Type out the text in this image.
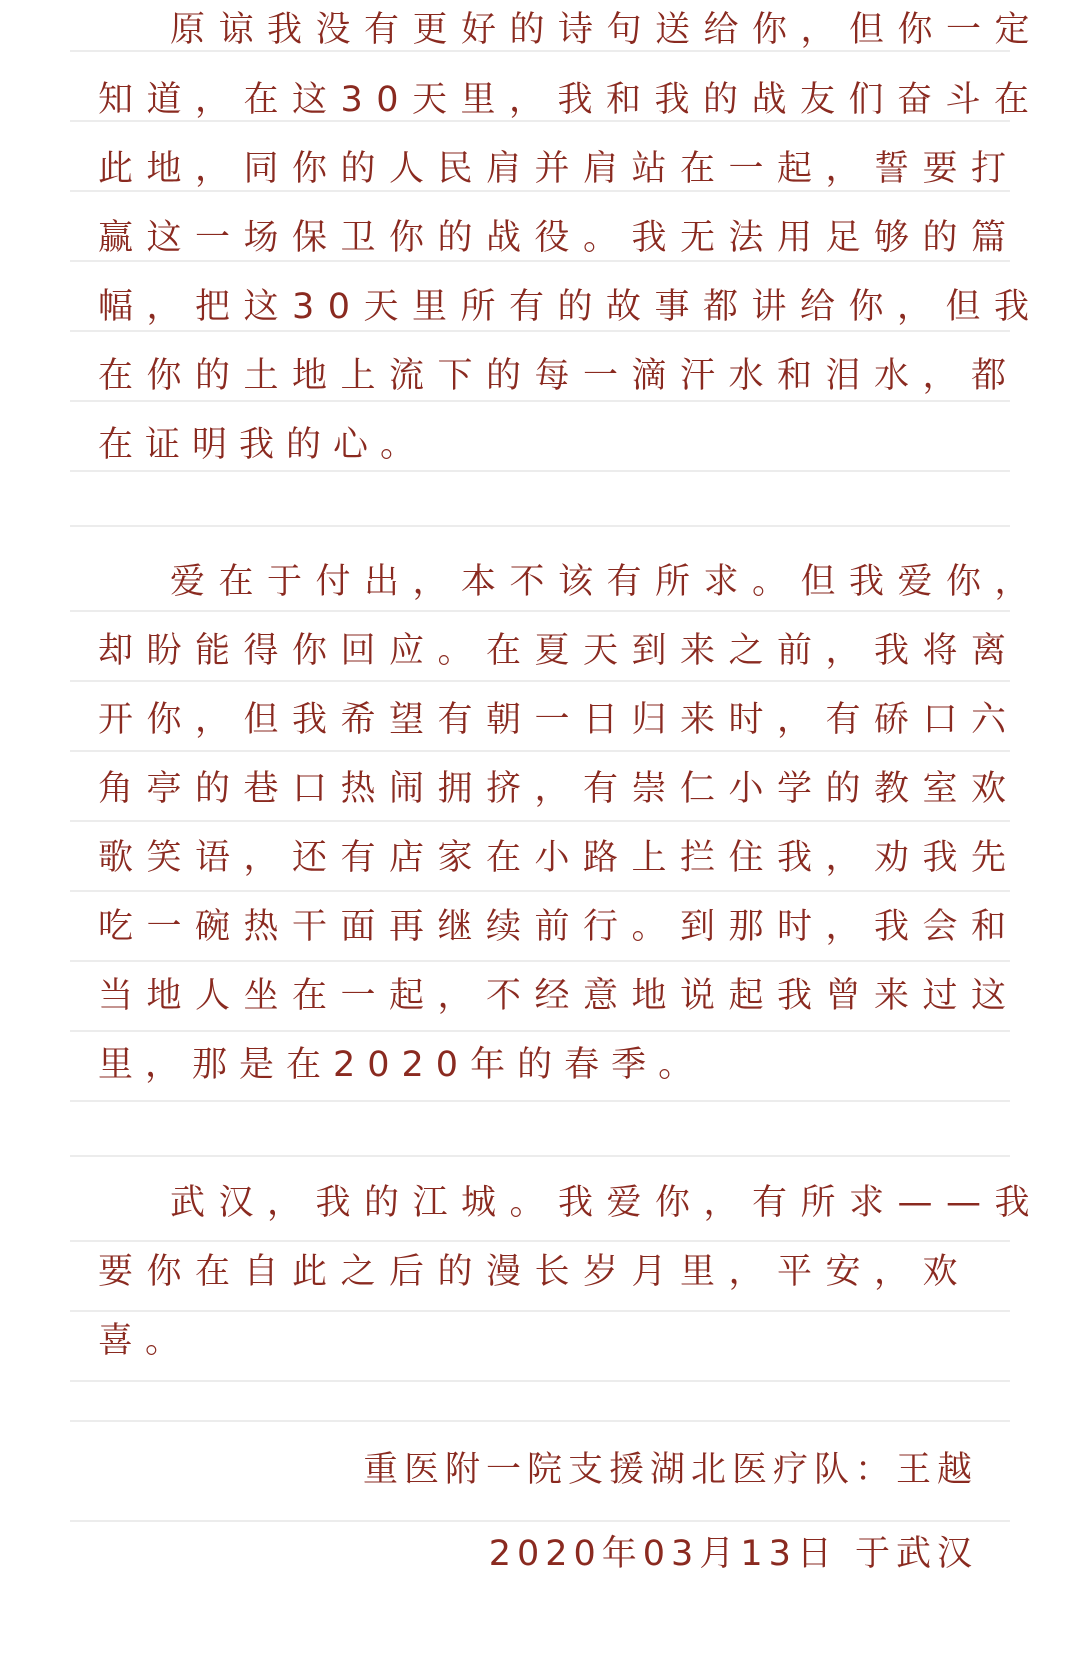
原谅我没有更好的诗句送给你，但你一定
知道，在这30天里，我和我的战友们奋斗在
此地，同你的人民肩并肩站在一起，誓要打
赢这一场保卫你的战役。我无法用足够的篇
幅，把这30天里所有的故事都讲给你，但我
在你的土地上流下的每一滴汗水和泪水，都
在证明我的心。
爱在于付出，本不该有所求。但我爱你，
却盼能得你回应。在夏天到来之前，我将离
开你，但我希望有朝一日归来时，有硚口六
角亭的巷口热闹拥挤，有崇仁小学的教室欢
歌笑语，还有店家在小路上拦住我，劝我先
吃一碗热干面再继续前行。到那时，我会和
当地人坐在一起，不经意地说起我曾来过这
里，那是在2020年的春季。
武汉，我的江城。我爱你，有所求——我
要你在自此之后的漫长岁月里，平安，欢
喜。
重医附一院支援湖北医疗队：王越
2020年03月13日 于武汉
